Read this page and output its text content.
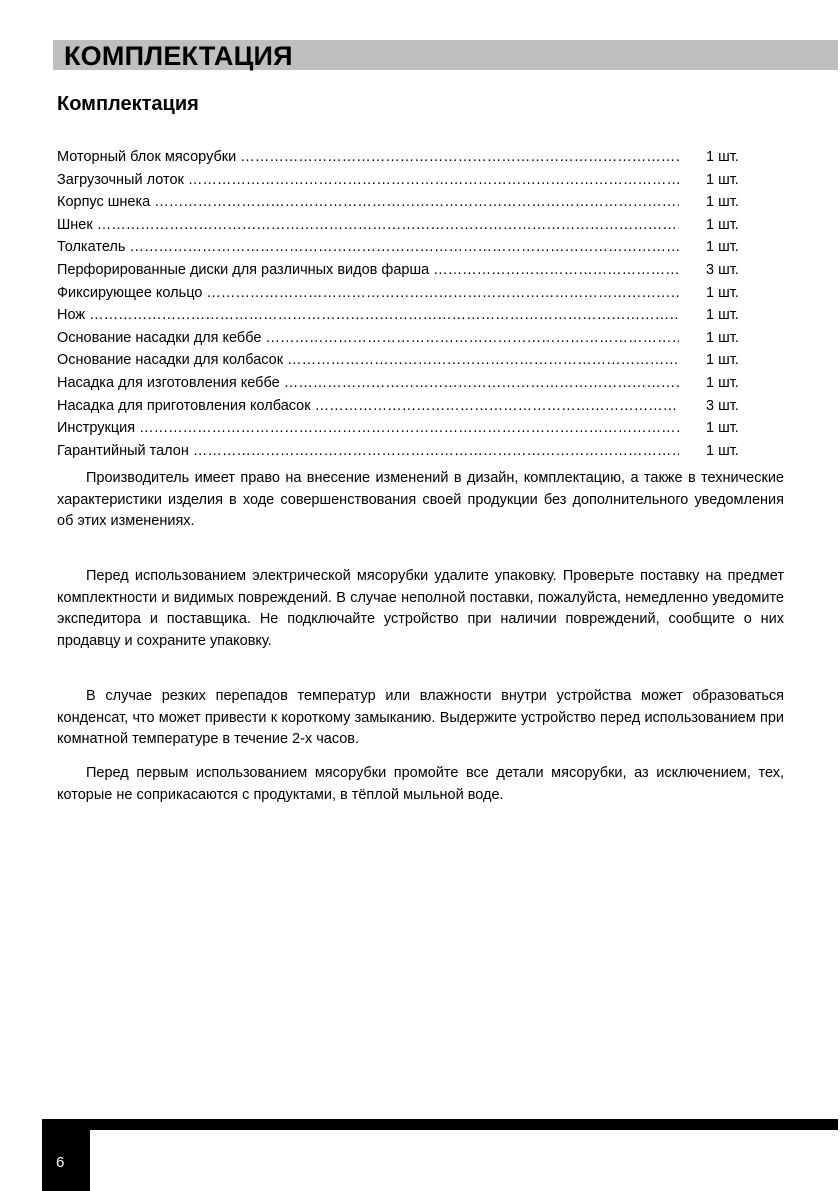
КОМПЛЕКТАЦИЯ
Комплектация
Моторный блок мясорубки ……………………………………………………………………………………………………………………………………………………	1 шт.
Загрузочный лоток ……………………………………………………………………………………………………………………………………………………	1 шт.
Корпус шнека ……………………………………………………………………………………………………………………………………………………	1 шт.
Шнек ……………………………………………………………………………………………………………………………………………………	1 шт.
Толкатель ……………………………………………………………………………………………………………………………………………………	1 шт.
Перфорированные диски для различных видов фарша ……………………………………………………………………………………………………………………………………………………	3 шт.
Фиксирующее кольцо ……………………………………………………………………………………………………………………………………………………	1 шт.
Нож ……………………………………………………………………………………………………………………………………………………	1 шт.
Основание насадки для кеббе ……………………………………………………………………………………………………………………………………………………	1 шт.
Основание насадки для колбасок ……………………………………………………………………………………………………………………………………………………	1 шт.
Насадка для изготовления кеббе ……………………………………………………………………………………………………………………………………………………	1 шт.
Насадка для приготовления колбасок ……………………………………………………………………………………………………………………………………………………	3 шт.
Инструкция ……………………………………………………………………………………………………………………………………………………	1 шт.
Гарантийный талон ……………………………………………………………………………………………………………………………………………………	1 шт.

Производитель имеет право на внесение изменений в дизайн, комплектацию, а также в технические характеристики изделия в ходе совершенствования своей продукции без дополнительного уведомления об этих изменениях.

Перед использованием электрической мясорубки удалите упаковку. Проверьте поставку на предмет комплектности и видимых повреждений. В случае неполной поставки, пожалуйста, немедленно уведомите экспедитора и поставщика. Не подключайте устройство при наличии повреждений, сообщите о них продавцу и сохраните упаковку.

В случае резких перепадов температур или влажности внутри устройства может образоваться конденсат, что может привести к короткому замыканию. Выдержите устройство перед использованием при комнатной температуре в течение 2-х часов.

Перед первым использованием мясорубки промойте все детали мясорубки, аз исключением, тех, которые не соприкасаются с продуктами, в тёплой мыльной воде.

6
